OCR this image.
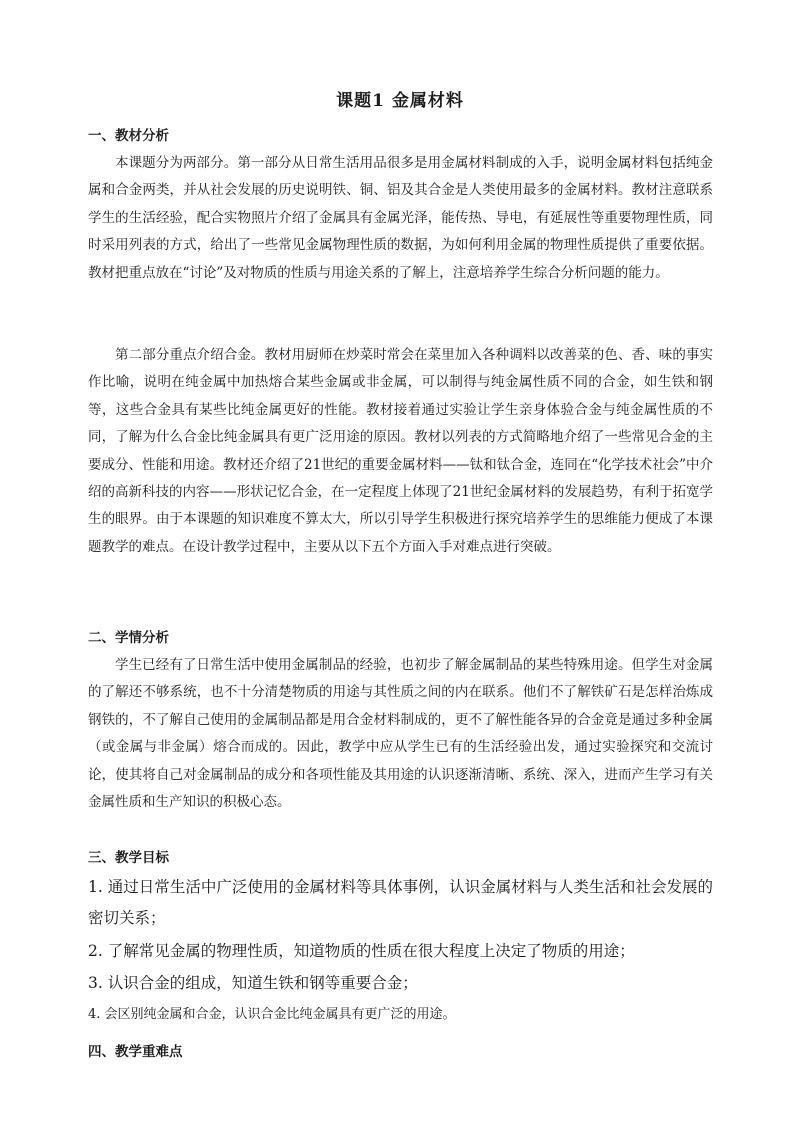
课题1 金属材料
一、教材分析
本课题分为两部分。第一部分从日常生活用品很多是用金属材料制成的入手，说明金属材料包括纯金属和合金两类，并从社会发展的历史说明铁、铜、铝及其合金是人类使用最多的金属材料。教材注意联系学生的生活经验，配合实物照片介绍了金属具有金属光泽，能传热、导电，有延展性等重要物理性质，同时采用列表的方式，给出了一些常见金属物理性质的数据，为如何利用金属的物理性质提供了重要依据。教材把重点放在“讨论”及对物质的性质与用途关系的了解上，注意培养学生综合分析问题的能力。
第二部分重点介绍合金。教材用厨师在炒菜时常会在菜里加入各种调料以改善菜的色、香、味的事实作比喻，说明在纯金属中加热熔合某些金属或非金属，可以制得与纯金属性质不同的合金，如生铁和钢等，这些合金具有某些比纯金属更好的性能。教材接着通过实验让学生亲身体验合金与纯金属性质的不同，了解为什么合金比纯金属具有更广泛用途的原因。教材以列表的方式简略地介绍了一些常见合金的主要成分、性能和用途。教材还介绍了21世纪的重要金属材料——钛和钛合金，连同在“化学技术社会”中介绍的高新科技的内容——形状记忆合金，在一定程度上体现了21世纪金属材料的发展趋势，有利于拓宽学生的眼界。由于本课题的知识难度不算太大，所以引导学生积极进行探究培养学生的思维能力便成了本课题教学的难点。在设计教学过程中，主要从以下五个方面入手对难点进行突破。
二、学情分析
学生已经有了日常生活中使用金属制品的经验，也初步了解金属制品的某些特殊用途。但学生对金属的了解还不够系统，也不十分清楚物质的用途与其性质之间的内在联系。他们不了解铁矿石是怎样治炼成钢铁的，不了解自己使用的金属制品都是用合金材料制成的，更不了解性能各异的合金竟是通过多种金属（或金属与非金属）熔合而成的。因此，教学中应从学生已有的生活经验出发，通过实验探究和交流讨论，使其将自己对金属制品的成分和各项性能及其用途的认识逐渐清晰、系统、深入，进而产生学习有关金属性质和生产知识的积极心态。
三、教学目标
1. 通过日常生活中广泛使用的金属材料等具体事例，认识金属材料与人类生活和社会发展的密切关系；
2. 了解常见金属的物理性质，知道物质的性质在很大程度上决定了物质的用途；
3. 认识合金的组成，知道生铁和钢等重要合金；
4. 会区别纯金属和合金，认识合金比纯金属具有更广泛的用途。
四、教学重难点
